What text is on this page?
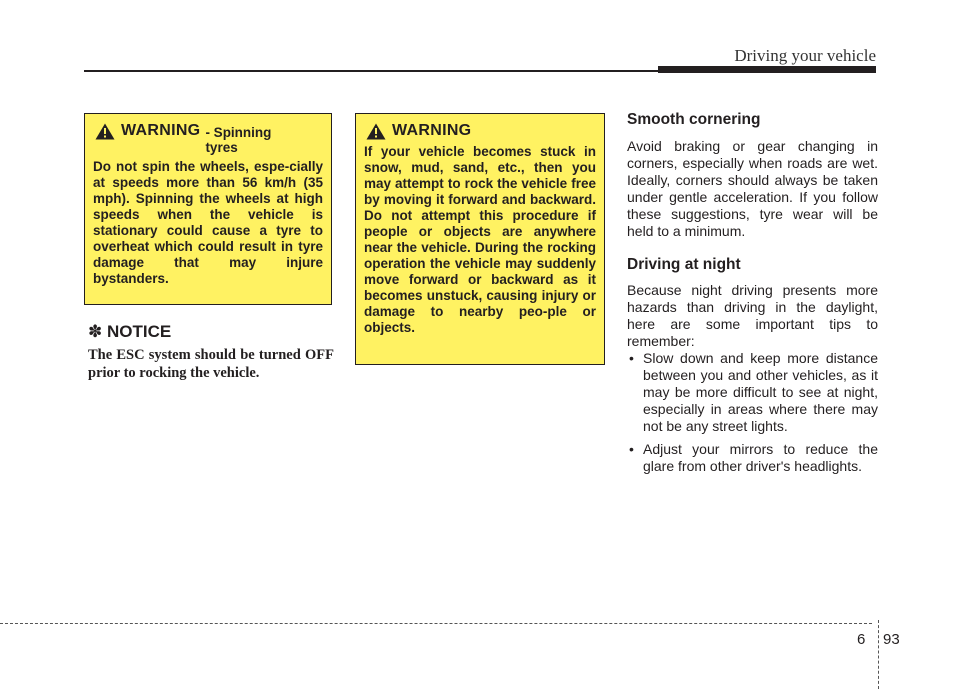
Driving your vehicle
WARNING - Spinning
tyres
Do not spin the wheels, espe-cially at speeds more than 56 km/h (35 mph). Spinning the wheels at high speeds when the vehicle is stationary could cause a tyre to overheat which could result in tyre damage that may injure bystanders.
✽ NOTICE
The ESC system should be turned OFF prior to rocking the vehicle.
WARNING
If your vehicle becomes stuck in snow, mud, sand, etc., then you may attempt to rock the vehicle free by moving it forward and backward. Do not attempt this procedure if people or objects are anywhere near the vehicle. During the rocking operation the vehicle may suddenly move forward or backward as it becomes unstuck, causing injury or damage to nearby peo-ple or objects.
Smooth cornering
Avoid braking or gear changing in corners, especially when roads are wet. Ideally, corners should always be taken under gentle acceleration. If you follow these suggestions, tyre wear will be held to a minimum.
Driving at night
Because night driving presents more hazards than driving in the daylight, here are some important tips to remember:
• Slow down and keep more distance between you and other vehicles, as it may be more difficult to see at night, especially in areas where there may not be any street lights.
• Adjust your mirrors to reduce the glare from other driver's headlights.
6 93
